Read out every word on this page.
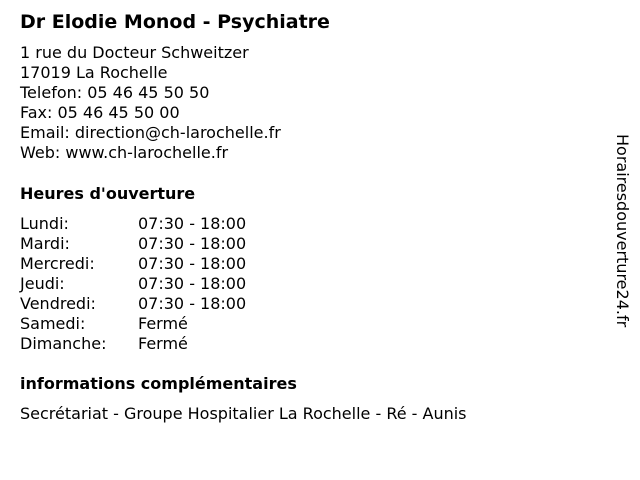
Dr Elodie Monod - Psychiatre
1 rue du Docteur Schweitzer
17019 La Rochelle
Telefon: 05 46 45 50 50
Fax: 05 46 45 50 00
Email: direction@ch-larochelle.fr
Web: www.ch-larochelle.fr
Heures d'ouverture
Lundi:	07:30 - 18:00
Mardi:	07:30 - 18:00
Mercredi:	07:30 - 18:00
Jeudi:	07:30 - 18:00
Vendredi:	07:30 - 18:00
Samedi:	Fermé
Dimanche:	Fermé
informations complémentaires
Secrétariat - Groupe Hospitalier La Rochelle - Ré - Aunis
Horairesdouverture24.fr
